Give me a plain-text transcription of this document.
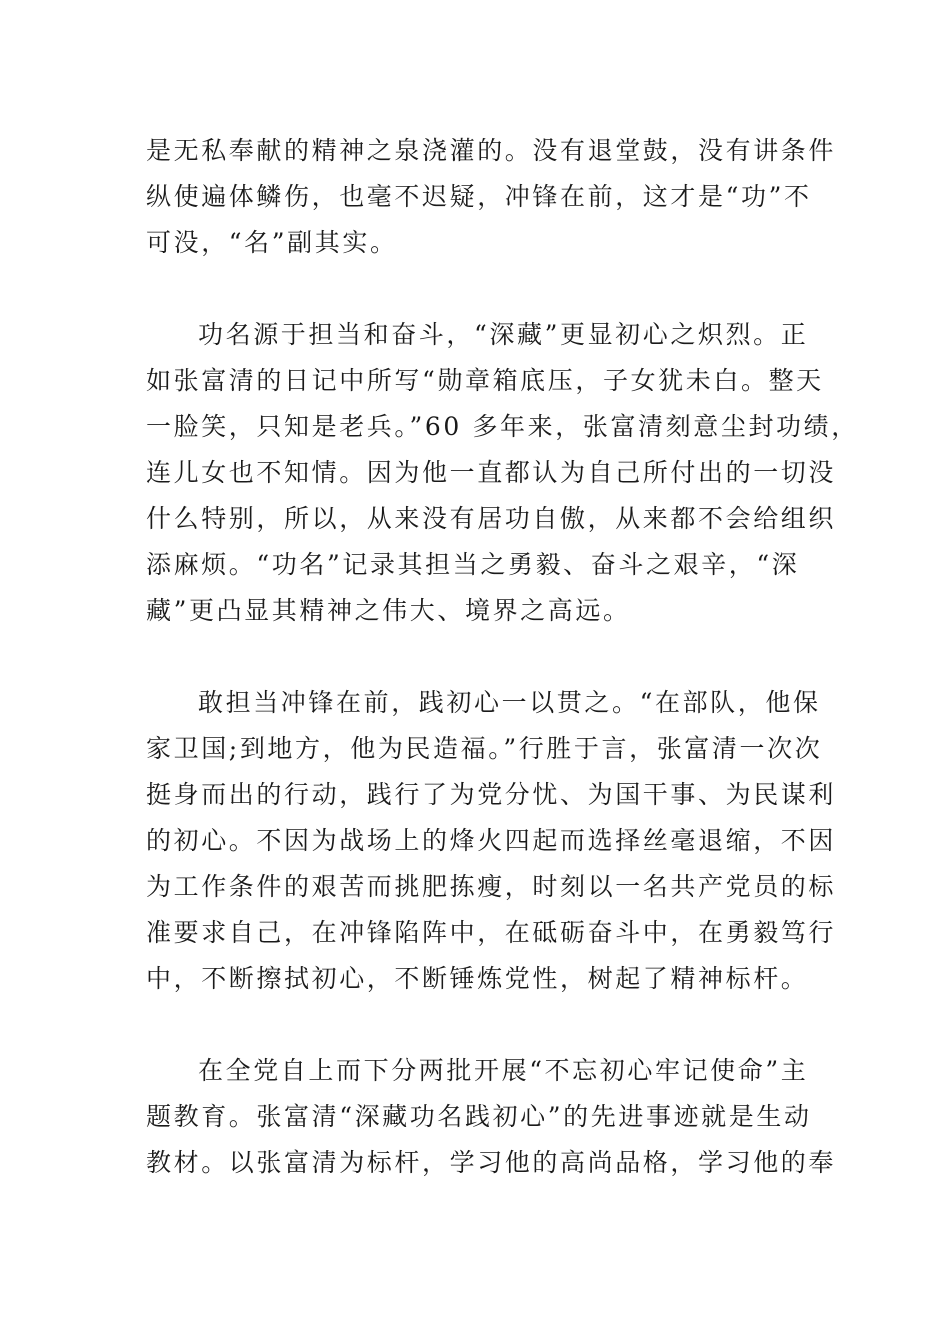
是无私奉献的精神之泉浇灌的。没有退堂鼓，没有讲条件
纵使遍体鳞伤，也毫不迟疑，冲锋在前，这才是“功”不
可没，“名”副其实。
功名源于担当和奋斗，“深藏”更显初心之炽烈。正
如张富清的日记中所写“勋章箱底压，子女犹未白。整天
一脸笑，只知是老兵。”60 多年来，张富清刻意尘封功绩，
连儿女也不知情。因为他一直都认为自己所付出的一切没
什么特别，所以，从来没有居功自傲，从来都不会给组织
添麻烦。“功名”记录其担当之勇毅、奋斗之艰辛，“深
藏”更凸显其精神之伟大、境界之高远。
敢担当冲锋在前，践初心一以贯之。“在部队，他保
家卫国;到地方，他为民造福。”行胜于言，张富清一次次
挺身而出的行动，践行了为党分忧、为国干事、为民谋利
的初心。不因为战场上的烽火四起而选择丝毫退缩，不因
为工作条件的艰苦而挑肥拣瘦，时刻以一名共产党员的标
准要求自己，在冲锋陷阵中，在砥砺奋斗中，在勇毅笃行
中，不断擦拭初心，不断锤炼党性，树起了精神标杆。
在全党自上而下分两批开展“不忘初心牢记使命”主
题教育。张富清“深藏功名践初心”的先进事迹就是生动
教材。以张富清为标杆，学习他的高尚品格，学习他的奉
